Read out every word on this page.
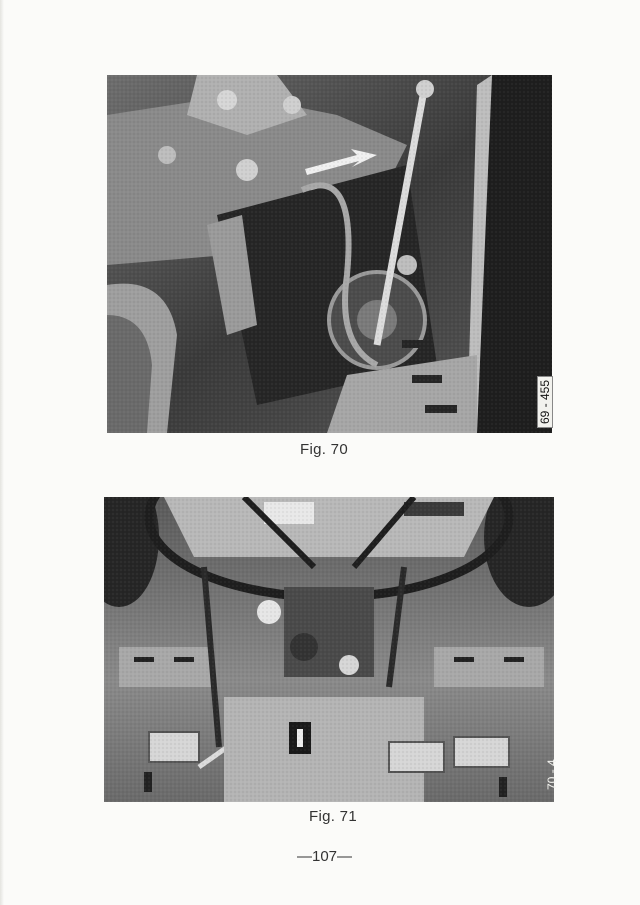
69 - 455
Fig. 70
70 - 4
Fig. 71
—107—
